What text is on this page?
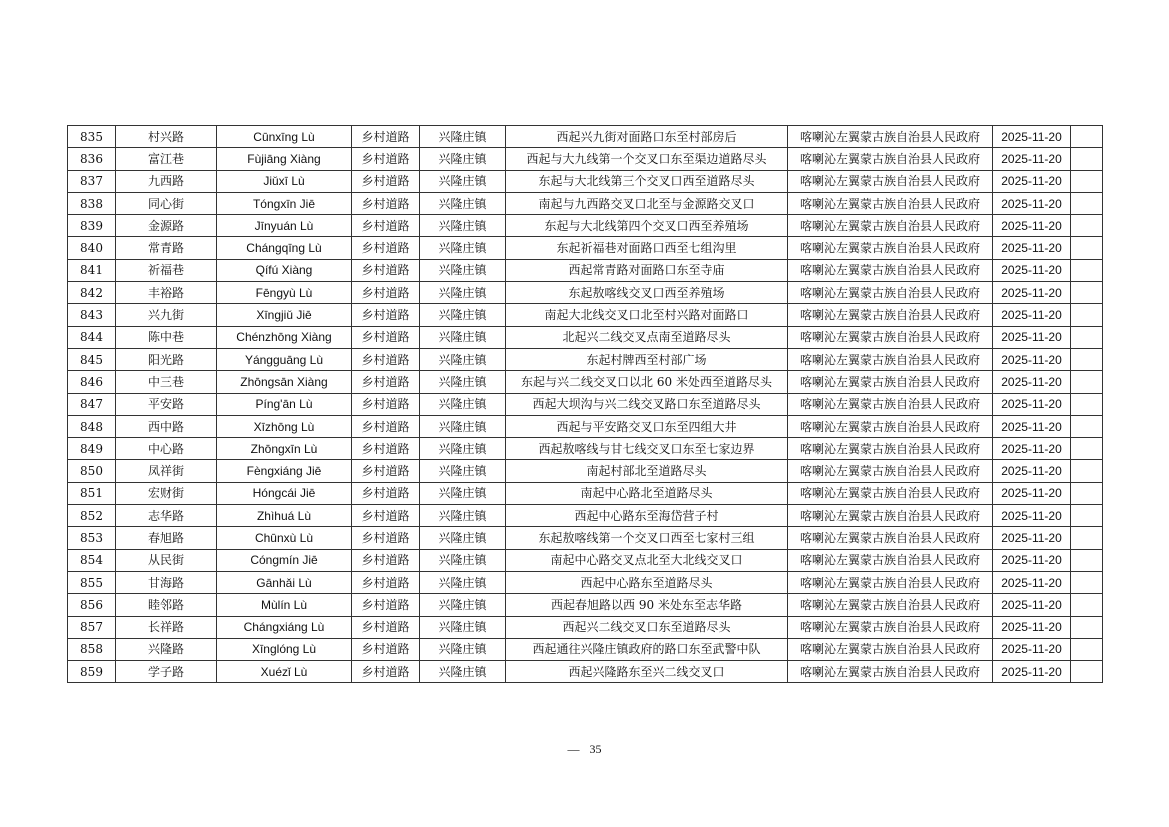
835	村兴路	Cūnxīng Lù	乡村道路	兴隆庄镇	西起兴九街对面路口东至村部房后	喀喇沁左翼蒙古族自治县人民政府	2025-11-20	
836	富江巷	Fùjiāng Xiàng	乡村道路	兴隆庄镇	西起与大九线第一个交叉口东至渠边道路尽头	喀喇沁左翼蒙古族自治县人民政府	2025-11-20	
837	九西路	Jiǔxī Lù	乡村道路	兴隆庄镇	东起与大北线第三个交叉口西至道路尽头	喀喇沁左翼蒙古族自治县人民政府	2025-11-20	
838	同心街	Tóngxīn Jiē	乡村道路	兴隆庄镇	南起与九西路交叉口北至与金源路交叉口	喀喇沁左翼蒙古族自治县人民政府	2025-11-20	
839	金源路	Jīnyuán Lù	乡村道路	兴隆庄镇	东起与大北线第四个交叉口西至养殖场	喀喇沁左翼蒙古族自治县人民政府	2025-11-20	
840	常青路	Chángqīng Lù	乡村道路	兴隆庄镇	东起祈福巷对面路口西至七组沟里	喀喇沁左翼蒙古族自治县人民政府	2025-11-20	
841	祈福巷	Qífú Xiàng	乡村道路	兴隆庄镇	西起常青路对面路口东至寺庙	喀喇沁左翼蒙古族自治县人民政府	2025-11-20	
842	丰裕路	Fēngyù Lù	乡村道路	兴隆庄镇	东起敖喀线交叉口西至养殖场	喀喇沁左翼蒙古族自治县人民政府	2025-11-20	
843	兴九街	Xīngjiǔ Jiē	乡村道路	兴隆庄镇	南起大北线交叉口北至村兴路对面路口	喀喇沁左翼蒙古族自治县人民政府	2025-11-20	
844	陈中巷	Chénzhōng Xiàng	乡村道路	兴隆庄镇	北起兴二线交叉点南至道路尽头	喀喇沁左翼蒙古族自治县人民政府	2025-11-20	
845	阳光路	Yángguāng Lù	乡村道路	兴隆庄镇	东起村牌西至村部广场	喀喇沁左翼蒙古族自治县人民政府	2025-11-20	
846	中三巷	Zhōngsān Xiàng	乡村道路	兴隆庄镇	东起与兴二线交叉口以北 60 米处西至道路尽头	喀喇沁左翼蒙古族自治县人民政府	2025-11-20	
847	平安路	Píng'ān Lù	乡村道路	兴隆庄镇	西起大坝沟与兴二线交叉路口东至道路尽头	喀喇沁左翼蒙古族自治县人民政府	2025-11-20	
848	西中路	Xīzhōng Lù	乡村道路	兴隆庄镇	西起与平安路交叉口东至四组大井	喀喇沁左翼蒙古族自治县人民政府	2025-11-20	
849	中心路	Zhōngxīn Lù	乡村道路	兴隆庄镇	西起敖喀线与甘七线交叉口东至七家边界	喀喇沁左翼蒙古族自治县人民政府	2025-11-20	
850	凤祥街	Fèngxiáng Jiē	乡村道路	兴隆庄镇	南起村部北至道路尽头	喀喇沁左翼蒙古族自治县人民政府	2025-11-20	
851	宏财街	Hóngcái Jiē	乡村道路	兴隆庄镇	南起中心路北至道路尽头	喀喇沁左翼蒙古族自治县人民政府	2025-11-20	
852	志华路	Zhìhuá Lù	乡村道路	兴隆庄镇	西起中心路东至海岱营子村	喀喇沁左翼蒙古族自治县人民政府	2025-11-20	
853	春旭路	Chūnxù Lù	乡村道路	兴隆庄镇	东起敖喀线第一个交叉口西至七家村三组	喀喇沁左翼蒙古族自治县人民政府	2025-11-20	
854	从民街	Cóngmín Jiē	乡村道路	兴隆庄镇	南起中心路交叉点北至大北线交叉口	喀喇沁左翼蒙古族自治县人民政府	2025-11-20	
855	甘海路	Gānhǎi Lù	乡村道路	兴隆庄镇	西起中心路东至道路尽头	喀喇沁左翼蒙古族自治县人民政府	2025-11-20	
856	睦邻路	Mùlín Lù	乡村道路	兴隆庄镇	西起春旭路以西 90 米处东至志华路	喀喇沁左翼蒙古族自治县人民政府	2025-11-20	
857	长祥路	Chángxiáng Lù	乡村道路	兴隆庄镇	西起兴二线交叉口东至道路尽头	喀喇沁左翼蒙古族自治县人民政府	2025-11-20	
858	兴隆路	Xīnglóng Lù	乡村道路	兴隆庄镇	西起通往兴隆庄镇政府的路口东至武警中队	喀喇沁左翼蒙古族自治县人民政府	2025-11-20	
859	学子路	Xuézǐ Lù	乡村道路	兴隆庄镇	西起兴隆路东至兴二线交叉口	喀喇沁左翼蒙古族自治县人民政府	2025-11-20	
— 35
